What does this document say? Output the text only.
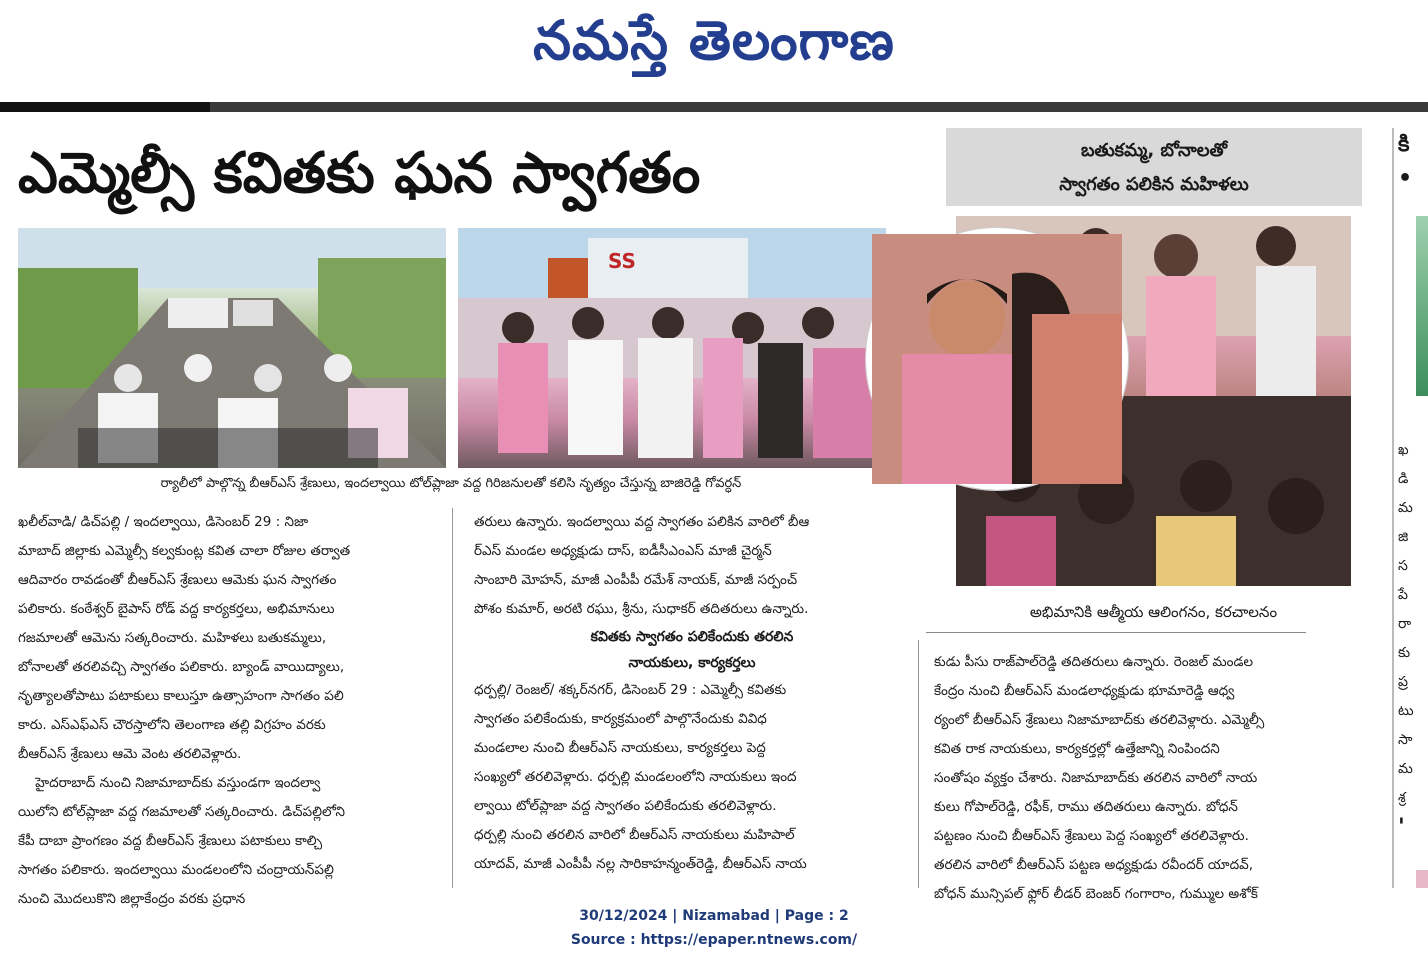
నమస్తే తెలంగాణ
ఎమ్మెల్సీ కవితకు ఘన స్వాగతం
SS
ర్యాలీలో పాల్గొన్న బీఆర్ఎస్ శ్రేణులు, ఇందల్వాయి టోల్‌ప్లాజా వద్ద గిరిజనులతో కలిసి నృత్యం చేస్తున్న బాజిరెడ్డి గోవర్ధన్
బతుకమ్మ, బోనాలతో
స్వాగతం పలికిన మహిళలు
అభిమానికి ఆత్మీయ ఆలింగనం, కరచాలనం
ఖలీల్‌వాడి/ డిచ్‌పల్లి / ఇందల్వాయి, డిసెంబర్ 29 : నిజా
మాబాద్ జిల్లాకు ఎమ్మెల్సీ కల్వకుంట్ల కవిత చాలా రోజుల తర్వాత
ఆదివారం రావడంతో బీఆర్ఎస్ శ్రేణులు ఆమెకు ఘన స్వాగతం
పలికారు. కంఠేశ్వర్ బైపాస్ రోడ్ వద్ద కార్యకర్తలు, అభిమానులు
గజమాలతో ఆమెను సత్కరించారు. మహిళలు బతుకమ్మలు,
బోనాలతో తరలివచ్చి స్వాగతం పలికారు. బ్యాండ్ వాయిద్యాలు,
నృత్యాలతోపాటు పటాకులు కాలుస్తూ ఉత్సాహంగా సాగతం పలి
కారు. ఎస్ఎఫ్ఎస్ చౌరస్తాలోని తెలంగాణ తల్లి విగ్రహం వరకు
బీఆర్ఎస్ శ్రేణులు ఆమె వెంట తరలివెళ్లారు.
హైదరాబాద్ నుంచి నిజామాబాద్‌కు వస్తుండగా ఇందల్వా
యిలోని టోల్‌ప్లాజా వద్ద గజమాలతో సత్కరించారు. డిచ్‌పల్లిలోని
కేపీ దాబా ప్రాంగణం వద్ద బీఆర్ఎస్ శ్రేణులు పటాకులు కాల్చి
సాగతం పలికారు. ఇందల్వాయి మండలంలోని చంద్రాయన్‌పల్లి
నుంచి మొదలుకొని జిల్లాకేంద్రం వరకు ప్రధాన
తరులు ఉన్నారు. ఇందల్వాయి వద్ద స్వాగతం పలికిన వారిలో బీఆ
ర్ఎస్ మండల అధ్యక్షుడు దాస్, ఐడీసీఎంఎస్ మాజీ చైర్మన్
సాంబారి మోహన్, మాజీ ఎంపీపీ రమేశ్ నాయక్, మాజీ సర్పంచ్
పోశం కుమార్, అరటి రఘు, శ్రీను, సుధాకర్ తదితరులు ఉన్నారు.
కవితకు స్వాగతం పలికేందుకు తరలిన
నాయకులు, కార్యకర్తలు
ధర్పల్లి/ రెంజల్/ శక్కర్‌నగర్, డిసెంబర్ 29 : ఎమ్మెల్సీ కవితకు
స్వాగతం పలికేందుకు, కార్యక్రమంలో పాల్గొనేందుకు వివిధ
మండలాల నుంచి బీఆర్ఎస్ నాయకులు, కార్యకర్తలు పెద్ద
సంఖ్యలో తరలివెళ్లారు. ధర్పల్లి మండలంలోని నాయకులు ఇంద
ల్వాయి టోల్‌ప్లాజా వద్ద స్వాగతం పలికేందుకు తరలివెళ్లారు.
ధర్పల్లి నుంచి తరలిన వారిలో బీఆర్ఎస్ నాయకులు మహిపాల్
యాదవ్, మాజీ ఎంపీపీ నల్ల సారికాహన్మంత్‌రెడ్డి, బీఆర్ఎస్ నాయ
కుడు పీసు రాజ్‌పాల్‌రెడ్డి తదితరులు ఉన్నారు. రెంజల్ మండల
కేంద్రం నుంచి బీఆర్ఎస్ మండలాధ్యక్షుడు భూమారెడ్డి ఆధ్వ
ర్యంలో బీఆర్ఎస్ శ్రేణులు నిజామాబాద్‌కు తరలివెళ్లారు. ఎమ్మెల్సీ
కవిత రాక నాయకులు, కార్యకర్తల్లో ఉత్తేజాన్ని నింపిందని
సంతోషం వ్యక్తం చేశారు. నిజామాబాద్‌కు తరలిన వారిలో నాయ
కులు గోపాల్‌రెడ్డి, రఫీక్, రాము తదితరులు ఉన్నారు. బోధన్
పట్టణం నుంచి బీఆర్ఎస్ శ్రేణులు పెద్ద సంఖ్యలో తరలివెళ్లారు.
తరలిన వారిలో బీఆర్ఎస్ పట్టణ అధ్యక్షుడు రవీందర్ యాదవ్,
బోధన్ మున్సిపల్ ఫ్లోర్ లీడర్ బెంజర్ గంగారాం, గుమ్ముల అశోక్
కి
•
ఖ
డి
మ
జి
స
పే
రా
కు
ప్ర
టు
సా
మ
శ్ర
'
30/12/2024 | Nizamabad | Page : 2
Source : https://epaper.ntnews.com/
